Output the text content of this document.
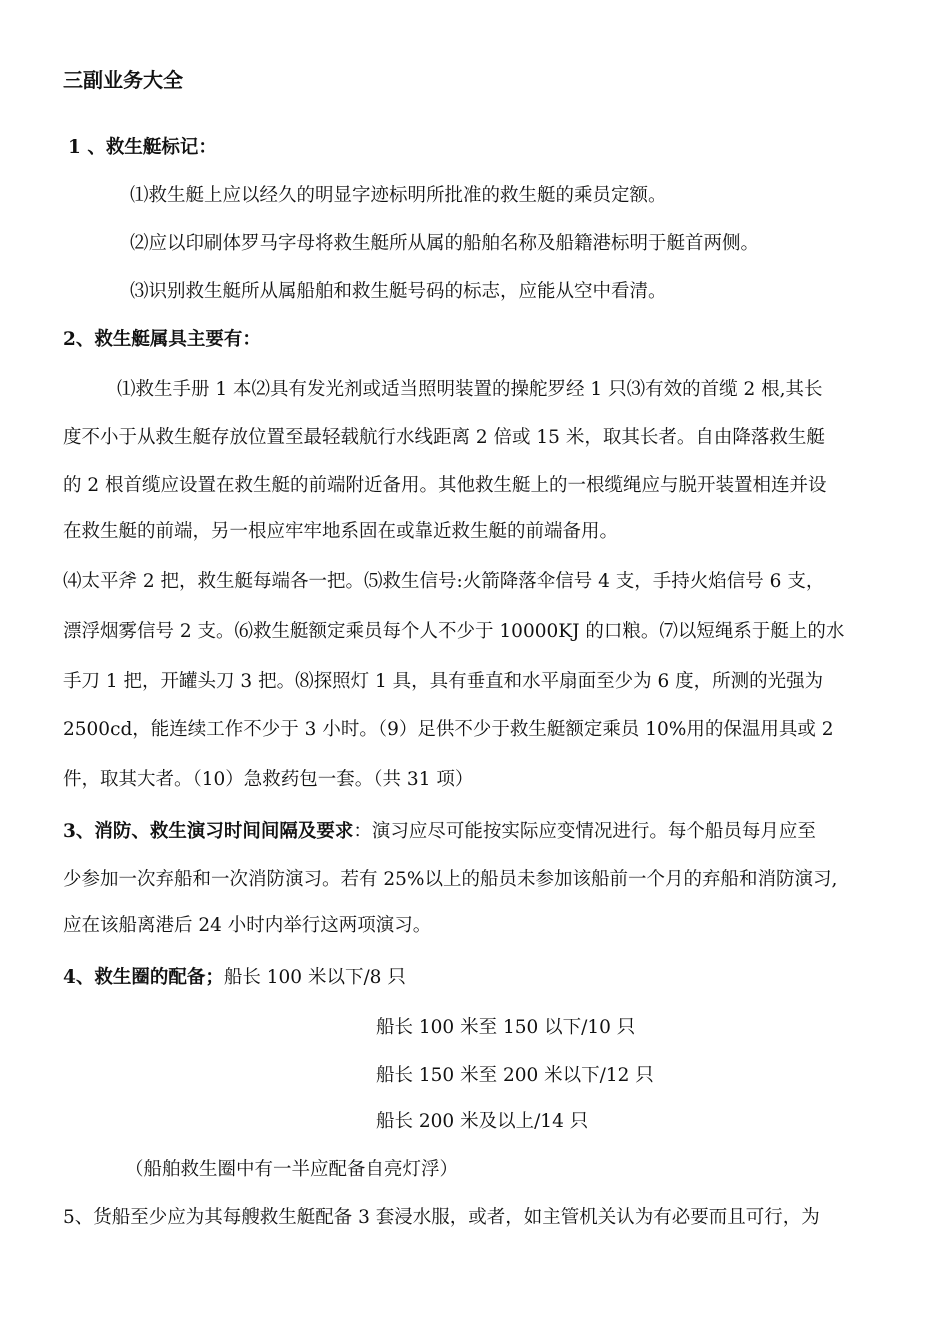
三副业务大全
1 、救生艇标记：
⑴救生艇上应以经久的明显字迹标明所批准的救生艇的乘员定额。
⑵应以印刷体罗马字母将救生艇所从属的船舶名称及船籍港标明于艇首两侧。
⑶识别救生艇所从属船舶和救生艇号码的标志，应能从空中看清。
2、救生艇属具主要有：
⑴救生手册 1 本⑵具有发光剂或适当照明装置的操舵罗经 1 只⑶有效的首缆 2 根,其长
度不小于从救生艇存放位置至最轻载航行水线距离 2 倍或 15 米，取其长者。自由降落救生艇
的 2 根首缆应设置在救生艇的前端附近备用。其他救生艇上的一根缆绳应与脱开装置相连并设
在救生艇的前端，另一根应牢牢地系固在或靠近救生艇的前端备用。
⑷太平斧 2 把，救生艇每端各一把。⑸救生信号:火箭降落伞信号 4 支，手持火焰信号 6 支，
漂浮烟雾信号 2 支。⑹救生艇额定乘员每个人不少于 10000KJ 的口粮。⑺以短绳系于艇上的水
手刀 1 把，开罐头刀 3 把。⑻探照灯 1 具，具有垂直和水平扇面至少为 6 度，所测的光强为
2500cd，能连续工作不少于 3 小时。（9）足供不少于救生艇额定乘员 10%用的保温用具或 2
件，取其大者。（10）急救药包一套。（共 31 项）
3、消防、救生演习时间间隔及要求：演习应尽可能按实际应变情况进行。每个船员每月应至
少参加一次弃船和一次消防演习。若有 25%以上的船员未参加该船前一个月的弃船和消防演习,
应在该船离港后 24 小时内举行这两项演习。
4、救生圈的配备；船长 100 米以下/8 只
船长 100 米至 150 以下/10 只
船长 150 米至 200 米以下/12 只
船长 200 米及以上/14 只
（船舶救生圈中有一半应配备自亮灯浮）
5、货船至少应为其每艘救生艇配备 3 套浸水服，或者，如主管机关认为有必要而且可行，为
